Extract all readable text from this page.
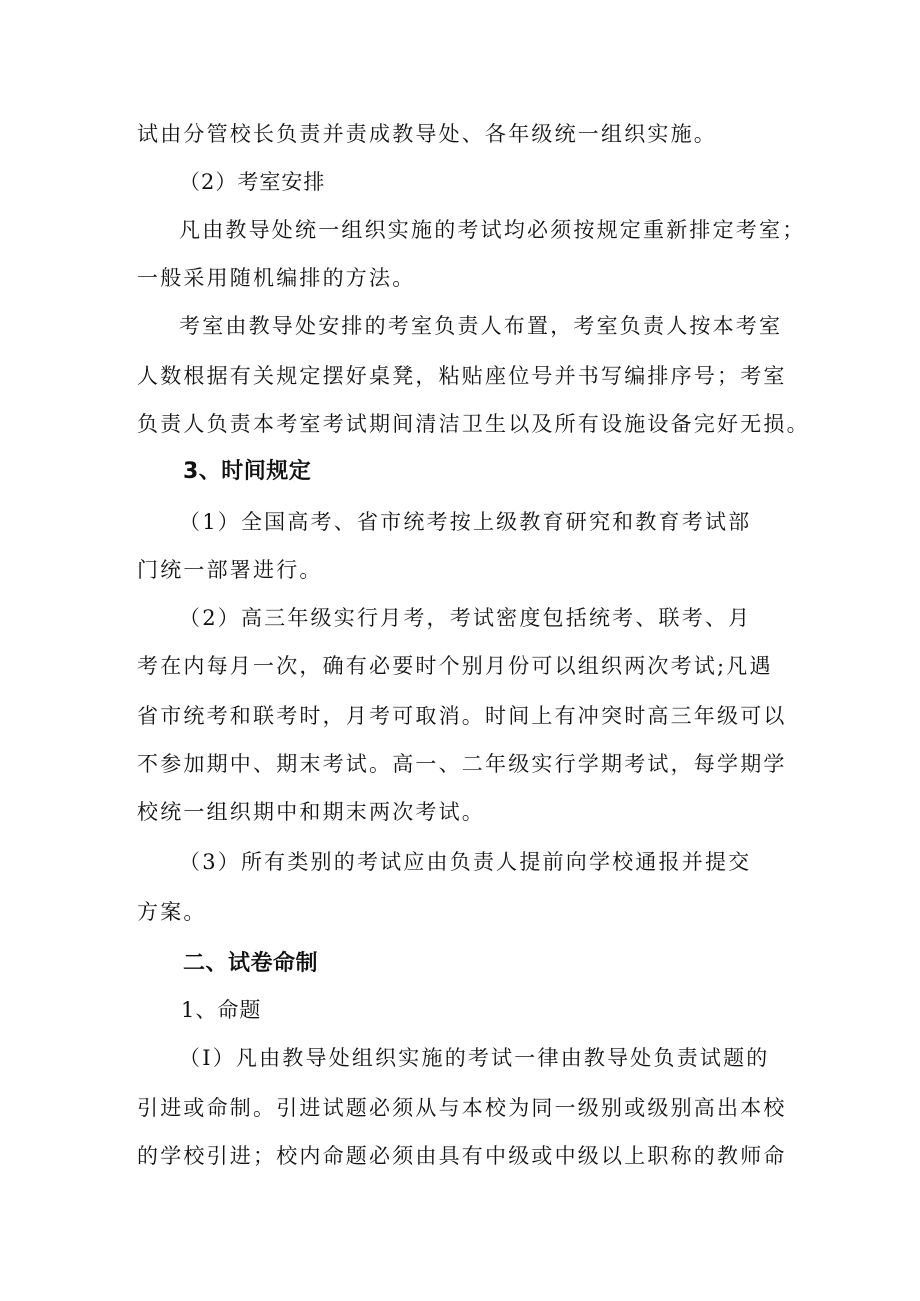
试由分管校长负责并责成教导处、各年级统一组织实施。
（2）考室安排
凡由教导处统一组织实施的考试均必须按规定重新排定考室；
一般采用随机编排的方法。
考室由教导处安排的考室负责人布置，考室负责人按本考室
人数根据有关规定摆好桌凳，粘贴座位号并书写编排序号；考室
负责人负责本考室考试期间清洁卫生以及所有设施设备完好无损。
3、时间规定
（1）全国高考、省市统考按上级教育研究和教育考试部
门统一部署进行。
（2）高三年级实行月考，考试密度包括统考、联考、月
考在内每月一次，确有必要时个别月份可以组织两次考试;凡遇
省市统考和联考时，月考可取消。时间上有冲突时高三年级可以
不参加期中、期末考试。高一、二年级实行学期考试，每学期学
校统一组织期中和期末两次考试。
（3）所有类别的考试应由负责人提前向学校通报并提交
方案。
二、试卷命制
1、命题
（I）凡由教导处组织实施的考试一律由教导处负责试题的
引进或命制。引进试题必须从与本校为同一级别或级别高出本校
的学校引进；校内命题必须由具有中级或中级以上职称的教师命
